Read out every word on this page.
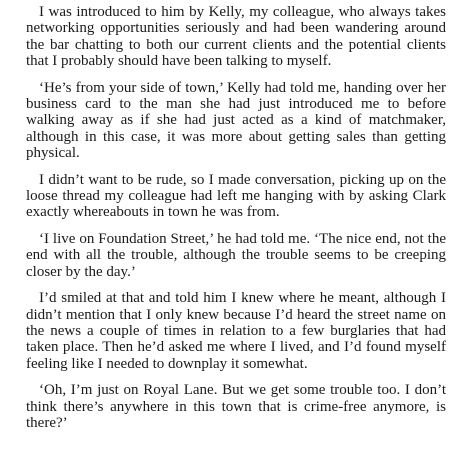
I was introduced to him by Kelly, my colleague, who always takes networking opportunities seriously and had been wandering around the bar chatting to both our current clients and the potential clients that I probably should have been talking to myself.

‘He’s from your side of town,’ Kelly had told me, handing over her business card to the man she had just introduced me to before walking away as if she had just acted as a kind of matchmaker, although in this case, it was more about getting sales than getting physical.

I didn’t want to be rude, so I made conversation, picking up on the loose thread my colleague had left me hanging with by asking Clark exactly whereabouts in town he was from.

‘I live on Foundation Street,’ he had told me. ‘The nice end, not the end with all the trouble, although the trouble seems to be creeping closer by the day.’

I’d smiled at that and told him I knew where he meant, although I didn’t mention that I only knew because I’d heard the street name on the news a couple of times in relation to a few burglaries that had taken place. Then he’d asked me where I lived, and I’d found myself feeling like I needed to downplay it somewhat.

‘Oh, I’m just on Royal Lane. But we get some trouble too. I don’t think there’s anywhere in this town that is crime-free anymore, is there?’
